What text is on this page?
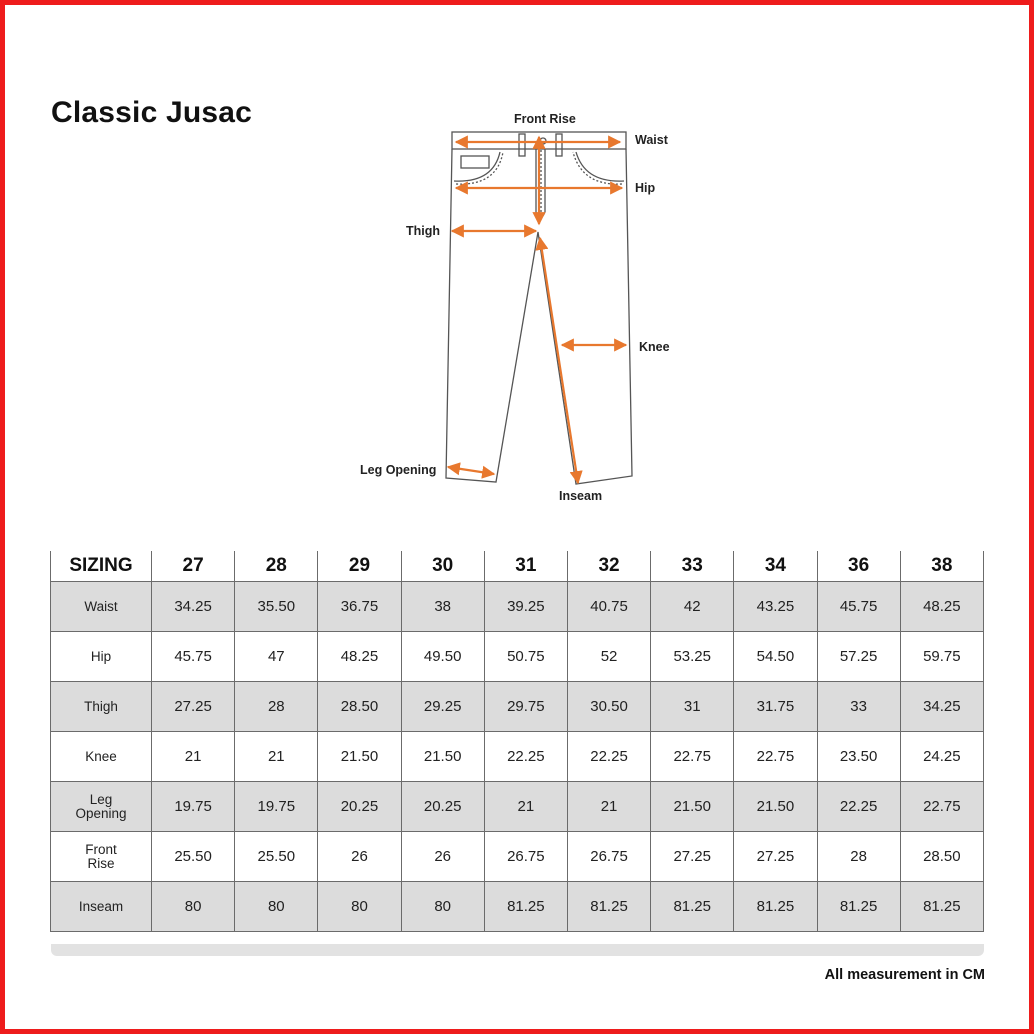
Classic Jusac	Front Rise
Waist
Hip
Thigh
Knee
Leg Opening
Inseam
SIZING	27	28	29	30	31	32	33	34	36	38
Waist	34.25	35.50	36.75	38	39.25	40.75	42	43.25	45.75	48.25
Hip	45.75	47	48.25	49.50	50.75	52	53.25	54.50	57.25	59.75
Thigh	27.25	28	28.50	29.25	29.75	30.50	31	31.75	33	34.25
Knee	21	21	21.50	21.50	22.25	22.25	22.75	22.75	23.50	24.25
Leg
Opening	19.75	19.75	20.25	20.25	21	21	21.50	21.50	22.25	22.75
Front
Rise	25.50	25.50	26	26	26.75	26.75	27.25	27.25	28	28.50
Inseam	80	80	80	80	81.25	81.25	81.25	81.25	81.25	81.25
All measurement in CM
